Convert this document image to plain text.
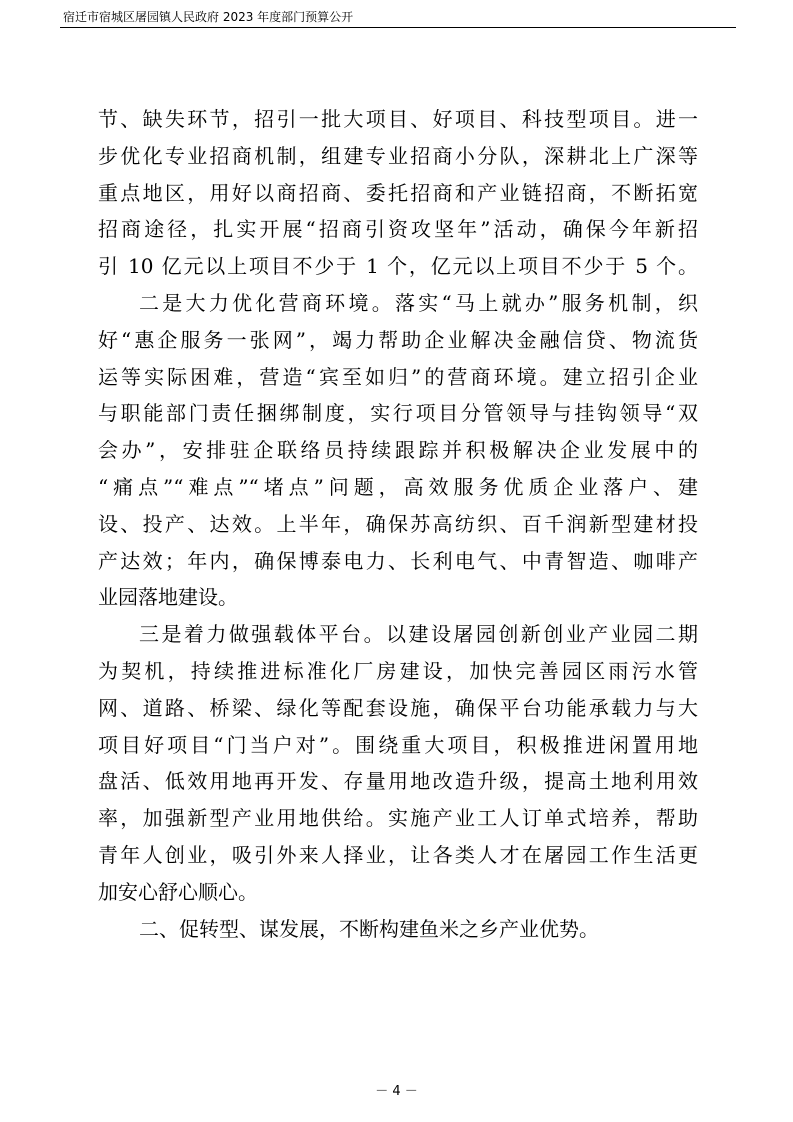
宿迁市宿城区屠园镇人民政府 2023 年度部门预算公开
节、缺失环节，招引一批大项目、好项目、科技型项目。进一
步优化专业招商机制，组建专业招商小分队，深耕北上广深等
重点地区，用好以商招商、委托招商和产业链招商，不断拓宽
招商途径，扎实开展“招商引资攻坚年”活动，确保今年新招
引 10 亿元以上项目不少于 1 个，亿元以上项目不少于 5 个。
二是大力优化营商环境。落实“马上就办”服务机制，织
好“惠企服务一张网”，竭力帮助企业解决金融信贷、物流货
运等实际困难，营造“宾至如归”的营商环境。建立招引企业
与职能部门责任捆绑制度，实行项目分管领导与挂钩领导“双
会办”，安排驻企联络员持续跟踪并积极解决企业发展中的
“痛点”“难点”“堵点”问题，高效服务优质企业落户、建
设、投产、达效。上半年，确保苏高纺织、百千润新型建材投
产达效；年内，确保博泰电力、长利电气、中青智造、咖啡产
业园落地建设。
三是着力做强载体平台。以建设屠园创新创业产业园二期
为契机，持续推进标准化厂房建设，加快完善园区雨污水管
网、道路、桥梁、绿化等配套设施，确保平台功能承载力与大
项目好项目“门当户对”。围绕重大项目，积极推进闲置用地
盘活、低效用地再开发、存量用地改造升级，提高土地利用效
率，加强新型产业用地供给。实施产业工人订单式培养，帮助
青年人创业，吸引外来人择业，让各类人才在屠园工作生活更
加安心舒心顺心。
二、促转型、谋发展，不断构建鱼米之乡产业优势。
－ 4 －
